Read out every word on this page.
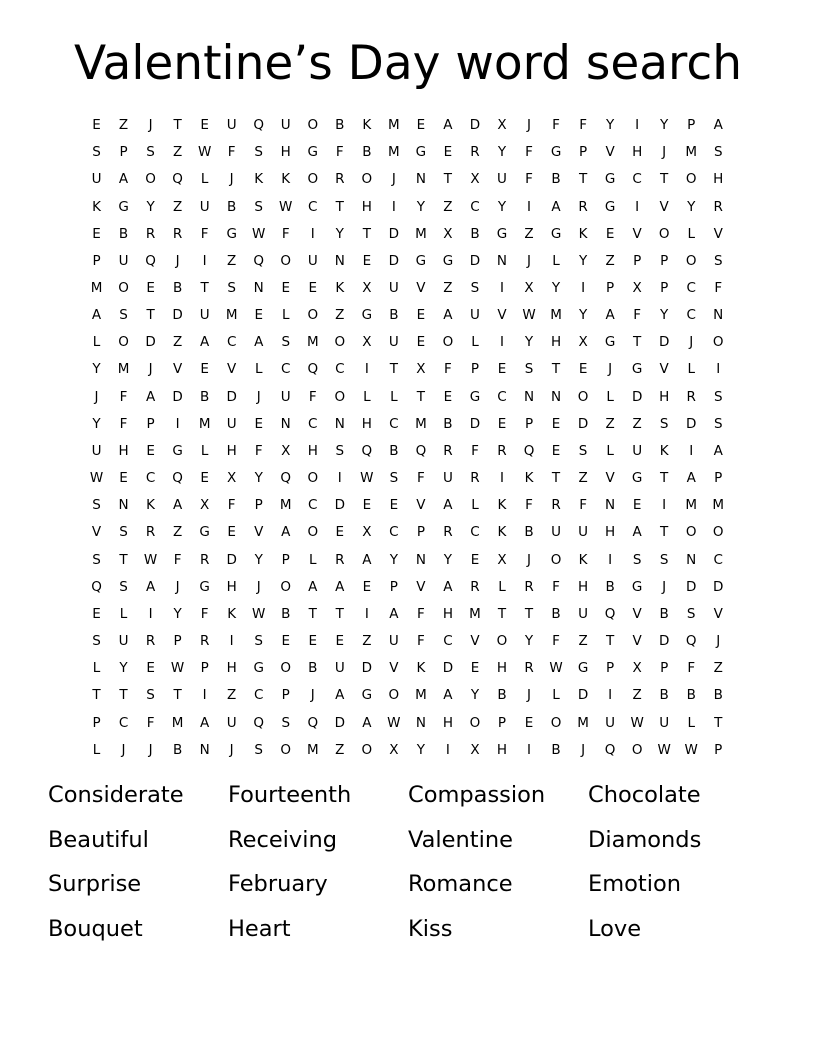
Valentine’s Day word search
E	Z	J	T	E	U	Q	U	O	B	K	M	E	A	D	X	J	F	F	Y	I	Y	P	A
S	P	S	Z	W	F	S	H	G	F	B	M	G	E	R	Y	F	G	P	V	H	J	M	S
U	A	O	Q	L	J	K	K	O	R	O	J	N	T	X	U	F	B	T	G	C	T	O	H
K	G	Y	Z	U	B	S	W	C	T	H	I	Y	Z	C	Y	I	A	R	G	I	V	Y	R
E	B	R	R	F	G	W	F	I	Y	T	D	M	X	B	G	Z	G	K	E	V	O	L	V
P	U	Q	J	I	Z	Q	O	U	N	E	D	G	G	D	N	J	L	Y	Z	P	P	O	S
M	O	E	B	T	S	N	E	E	K	X	U	V	Z	S	I	X	Y	I	P	X	P	C	F
A	S	T	D	U	M	E	L	O	Z	G	B	E	A	U	V	W	M	Y	A	F	Y	C	N
L	O	D	Z	A	C	A	S	M	O	X	U	E	O	L	I	Y	H	X	G	T	D	J	O
Y	M	J	V	E	V	L	C	Q	C	I	T	X	F	P	E	S	T	E	J	G	V	L	I
J	F	A	D	B	D	J	U	F	O	L	L	T	E	G	C	N	N	O	L	D	H	R	S
Y	F	P	I	M	U	E	N	C	N	H	C	M	B	D	E	P	E	D	Z	Z	S	D	S
U	H	E	G	L	H	F	X	H	S	Q	B	Q	R	F	R	Q	E	S	L	U	K	I	A
W	E	C	Q	E	X	Y	Q	O	I	W	S	F	U	R	I	K	T	Z	V	G	T	A	P
S	N	K	A	X	F	P	M	C	D	E	E	V	A	L	K	F	R	F	N	E	I	M	M
V	S	R	Z	G	E	V	A	O	E	X	C	P	R	C	K	B	U	U	H	A	T	O	O
S	T	W	F	R	D	Y	P	L	R	A	Y	N	Y	E	X	J	O	K	I	S	S	N	C
Q	S	A	J	G	H	J	O	A	A	E	P	V	A	R	L	R	F	H	B	G	J	D	D
E	L	I	Y	F	K	W	B	T	T	I	A	F	H	M	T	T	B	U	Q	V	B	S	V
S	U	R	P	R	I	S	E	E	E	Z	U	F	C	V	O	Y	F	Z	T	V	D	Q	J
L	Y	E	W	P	H	G	O	B	U	D	V	K	D	E	H	R	W	G	P	X	P	F	Z
T	T	S	T	I	Z	C	P	J	A	G	O	M	A	Y	B	J	L	D	I	Z	B	B	B
P	C	F	M	A	U	Q	S	Q	D	A	W	N	H	O	P	E	O	M	U	W	U	L	T
L	J	J	B	N	J	S	O	M	Z	O	X	Y	I	X	H	I	B	J	Q	O	W	W	P
Considerate	Fourteenth	Compassion	Chocolate
Beautiful	Receiving	Valentine	Diamonds
Surprise	February	Romance	Emotion
Bouquet	Heart	Kiss	Love
